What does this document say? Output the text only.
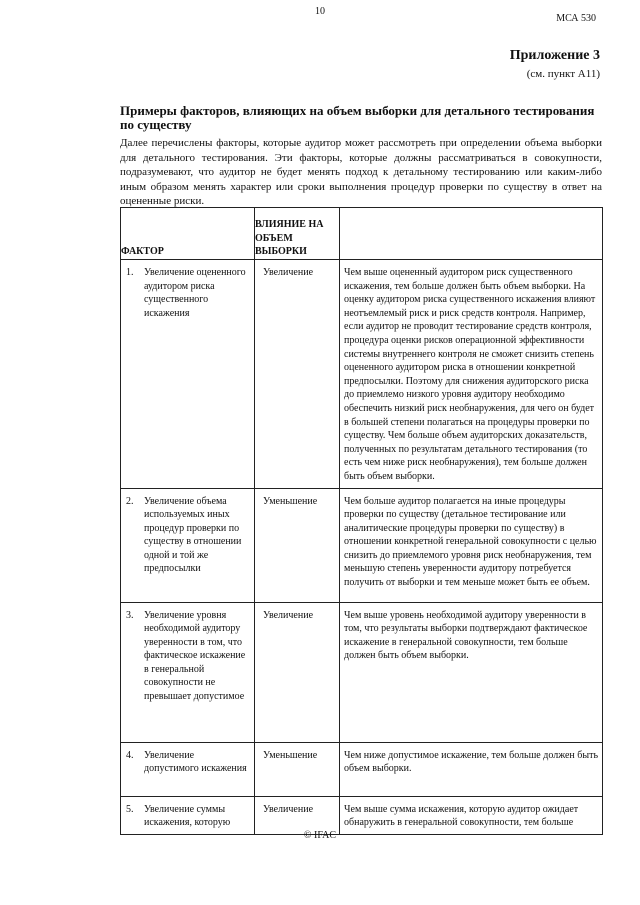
10
МСА 530
Приложение 3
(см. пункт А11)
Примеры факторов, влияющих на объем выборки для детального тестирования по существу
Далее перечислены факторы, которые аудитор может рассмотреть при определении объема выборки для детального тестирования. Эти факторы, которые должны рассматриваться в совокупности, подразумевают, что аудитор не будет менять подход к детальному тестированию или каким-либо иным образом менять характер или сроки выполнения процедур проверки по существу в ответ на оцененные риски.
ФАКТОР	ВЛИЯНИЕ НА ОБЪЕМ ВЫБОРКИ	

1. Увеличение оцененного аудитором риска существенного искажения	Увеличение	Чем выше оцененный аудитором риск существенного искажения, тем больше должен быть объем выборки. На оценку аудитором риска существенного искажения влияют неотъемлемый риск и риск средств контроля. Например, если аудитор не проводит тестирование средств контроля, процедура оценки рисков операционной эффективности системы внутреннего контроля не сможет снизить степень оцененного аудитором риска в отношении конкретной предпосылки. Поэтому для снижения аудиторского риска до приемлемо низкого уровня аудитору необходимо обеспечить низкий риск необнаружения, для чего он будет в большей степени полагаться на процедуры проверки по существу. Чем больше объем аудиторских доказательств, полученных по результатам детального тестирования (то есть чем ниже риск необнаружения), тем больше должен быть объем выборки.

2. Увеличение объема используемых иных процедур проверки по существу в отношении одной и той же предпосылки	Уменьшение	Чем больше аудитор полагается на иные процедуры проверки по существу (детальное тестирование или аналитические процедуры проверки по существу) в отношении конкретной генеральной совокупности с целью снизить до приемлемого уровня риск необнаружения, тем меньшую степень уверенности аудитору потребуется получить от выборки и тем меньше может быть ее объем.

3. Увеличение уровня необходимой аудитору уверенности в том, что фактическое искажение в генеральной совокупности не превышает допустимое	Увеличение	Чем выше уровень необходимой аудитору уверенности в том, что результаты выборки подтверждают фактическое искажение в генеральной совокупности, тем больше должен быть объем выборки.

4. Увеличение допустимого искажения	Уменьшение	Чем ниже допустимое искажение, тем больше должен быть объем выборки.

5. Увеличение суммы искажения, которую	Увеличение	Чем выше сумма искажения, которую аудитор ожидает обнаружить в генеральной совокупности, тем больше
© IFAC
